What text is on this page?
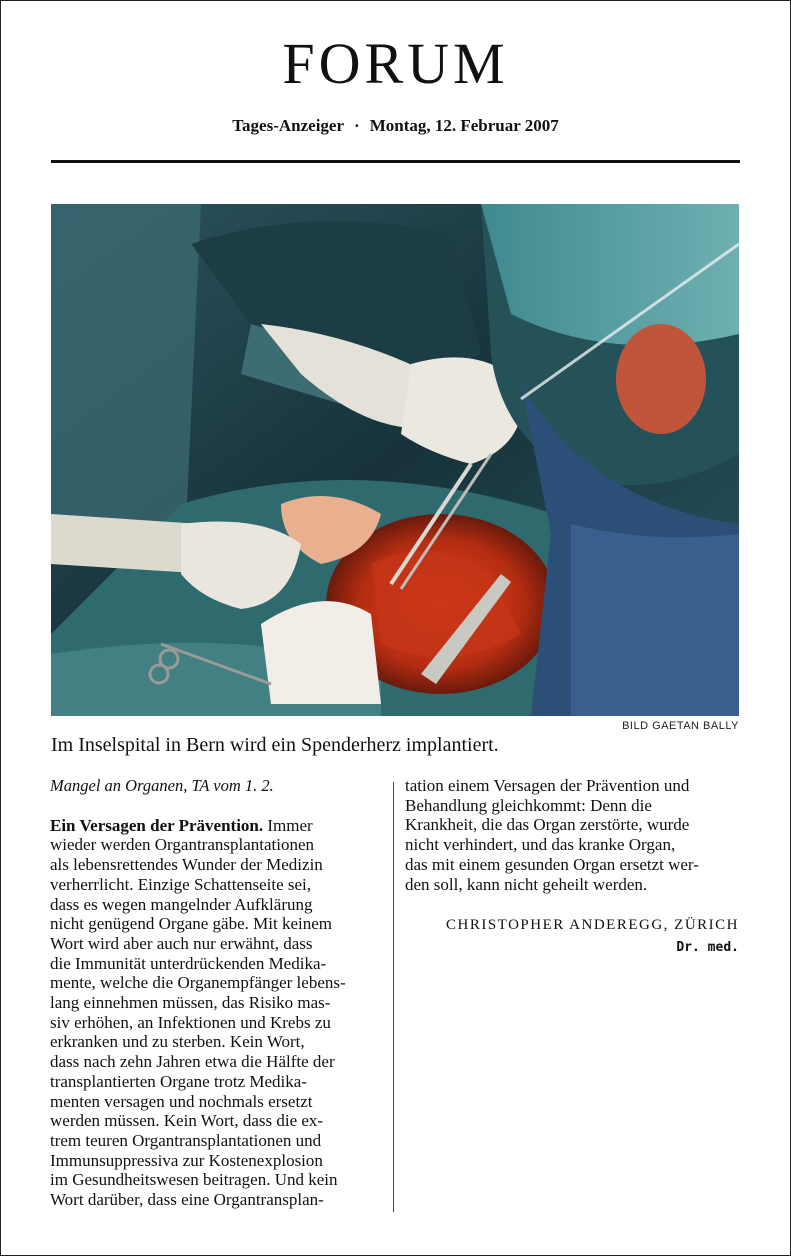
FORUM
Tages-Anzeiger · Montag, 12. Februar 2007
BILD GAETAN BALLY
Im Inselspital in Bern wird ein Spenderherz implantiert.
Mangel an Organen, TA vom 1. 2.
Ein Versagen der Prävention. Immer
wieder werden Organtransplantationen
als lebensrettendes Wunder der Medizin
verherrlicht. Einzige Schattenseite sei,
dass es wegen mangelnder Aufklärung
nicht genügend Organe gäbe. Mit keinem
Wort wird aber auch nur erwähnt, dass
die Immunität unterdrückenden Medika-
mente, welche die Organempfänger lebens-
lang einnehmen müssen, das Risiko mas-
siv erhöhen, an Infektionen und Krebs zu
erkranken und zu sterben. Kein Wort,
dass nach zehn Jahren etwa die Hälfte der
transplantierten Organe trotz Medika-
menten versagen und nochmals ersetzt
werden müssen. Kein Wort, dass die ex-
trem teuren Organtransplantationen und
Immunsuppressiva zur Kostenexplosion
im Gesundheitswesen beitragen. Und kein
Wort darüber, dass eine Organtransplan-
tation einem Versagen der Prävention und
Behandlung gleichkommt: Denn die
Krankheit, die das Organ zerstörte, wurde
nicht verhindert, und das kranke Organ,
das mit einem gesunden Organ ersetzt wer-
den soll, kann nicht geheilt werden.
CHRISTOPHER ANDEREGG, ZÜRICH
Dr. med.
